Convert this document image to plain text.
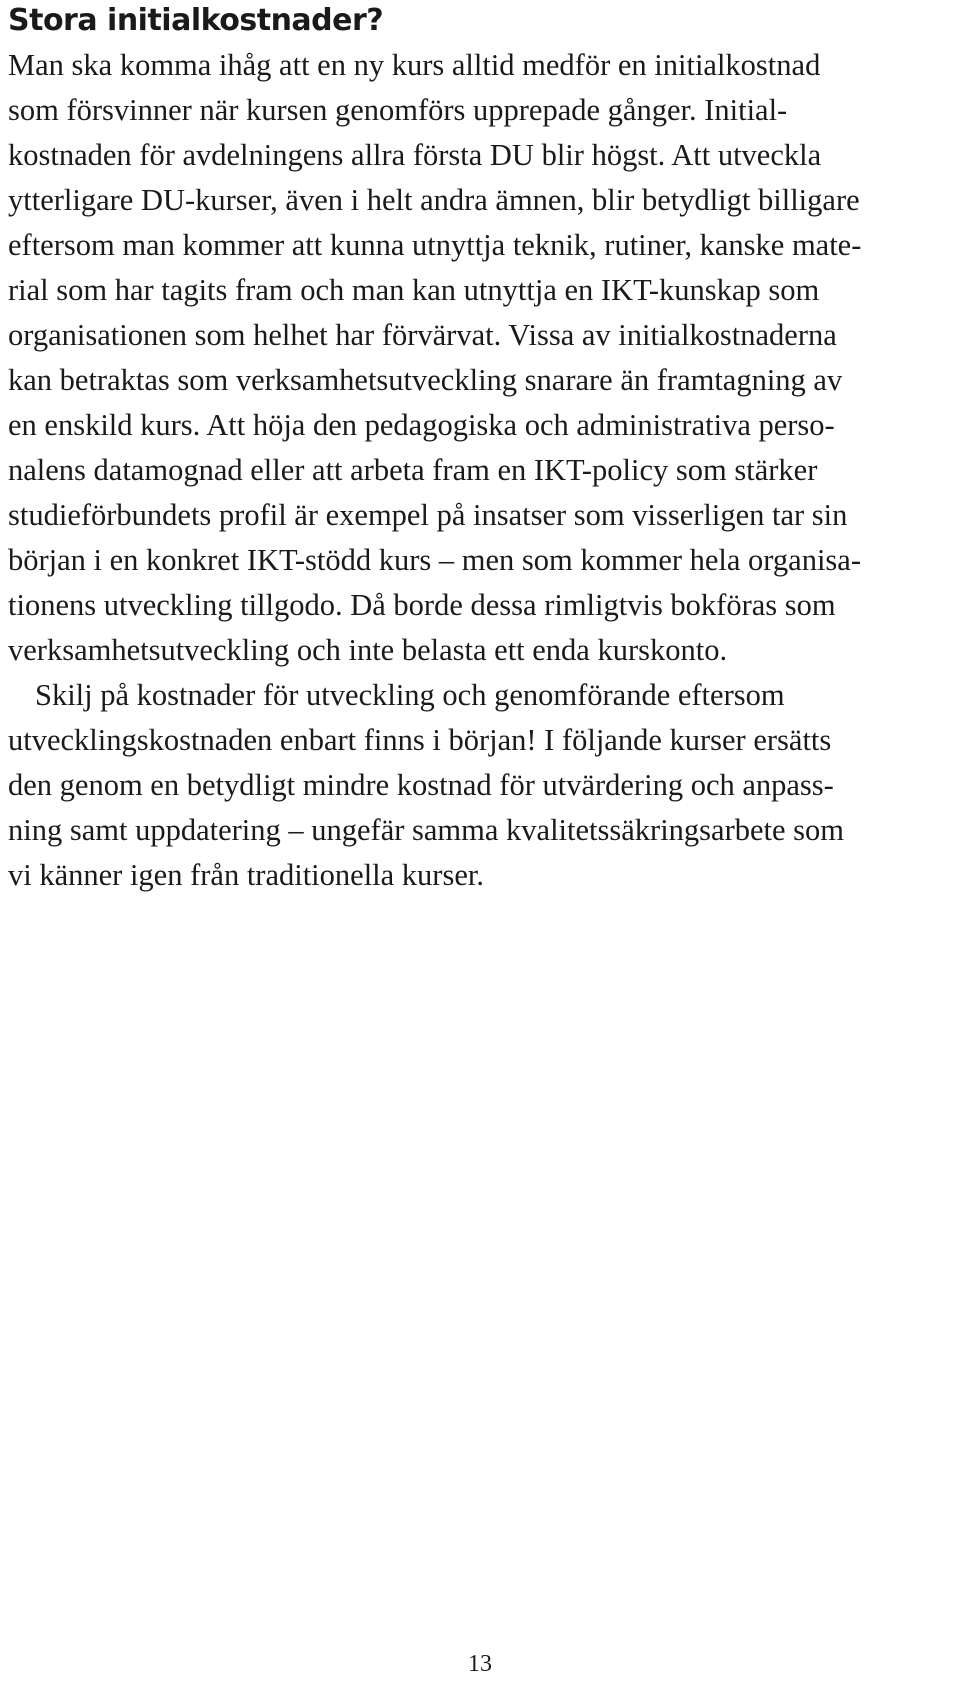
Stora initialkostnader?
Man ska komma ihåg att en ny kurs alltid medför en initialkostnad
som försvinner när kursen genomförs upprepade gånger. Initial-
kostnaden för avdelningens allra första DU blir högst. Att utveckla
ytterligare DU-kurser, även i helt andra ämnen, blir betydligt billigare
eftersom man kommer att kunna utnyttja teknik, rutiner, kanske mate-
rial som har tagits fram och man kan utnyttja en IKT-kunskap som
organisationen som helhet har förvärvat. Vissa av initialkostnaderna
kan betraktas som verksamhetsutveckling snarare än framtagning av
en enskild kurs. Att höja den pedagogiska och administrativa perso-
nalens datamognad eller att arbeta fram en IKT-policy som stärker
studieförbundets profil är exempel på insatser som visserligen tar sin
början i en konkret IKT-stödd kurs – men som kommer hela organisa-
tionens utveckling tillgodo. Då borde dessa rimligtvis bokföras som
verksamhetsutveckling och inte belasta ett enda kurskonto.
Skilj på kostnader för utveckling och genomförande eftersom
utvecklingskostnaden enbart finns i början! I följande kurser ersätts
den genom en betydligt mindre kostnad för utvärdering och anpass-
ning samt uppdatering – ungefär samma kvalitetssäkringsarbete som
vi känner igen från traditionella kurser.
13
